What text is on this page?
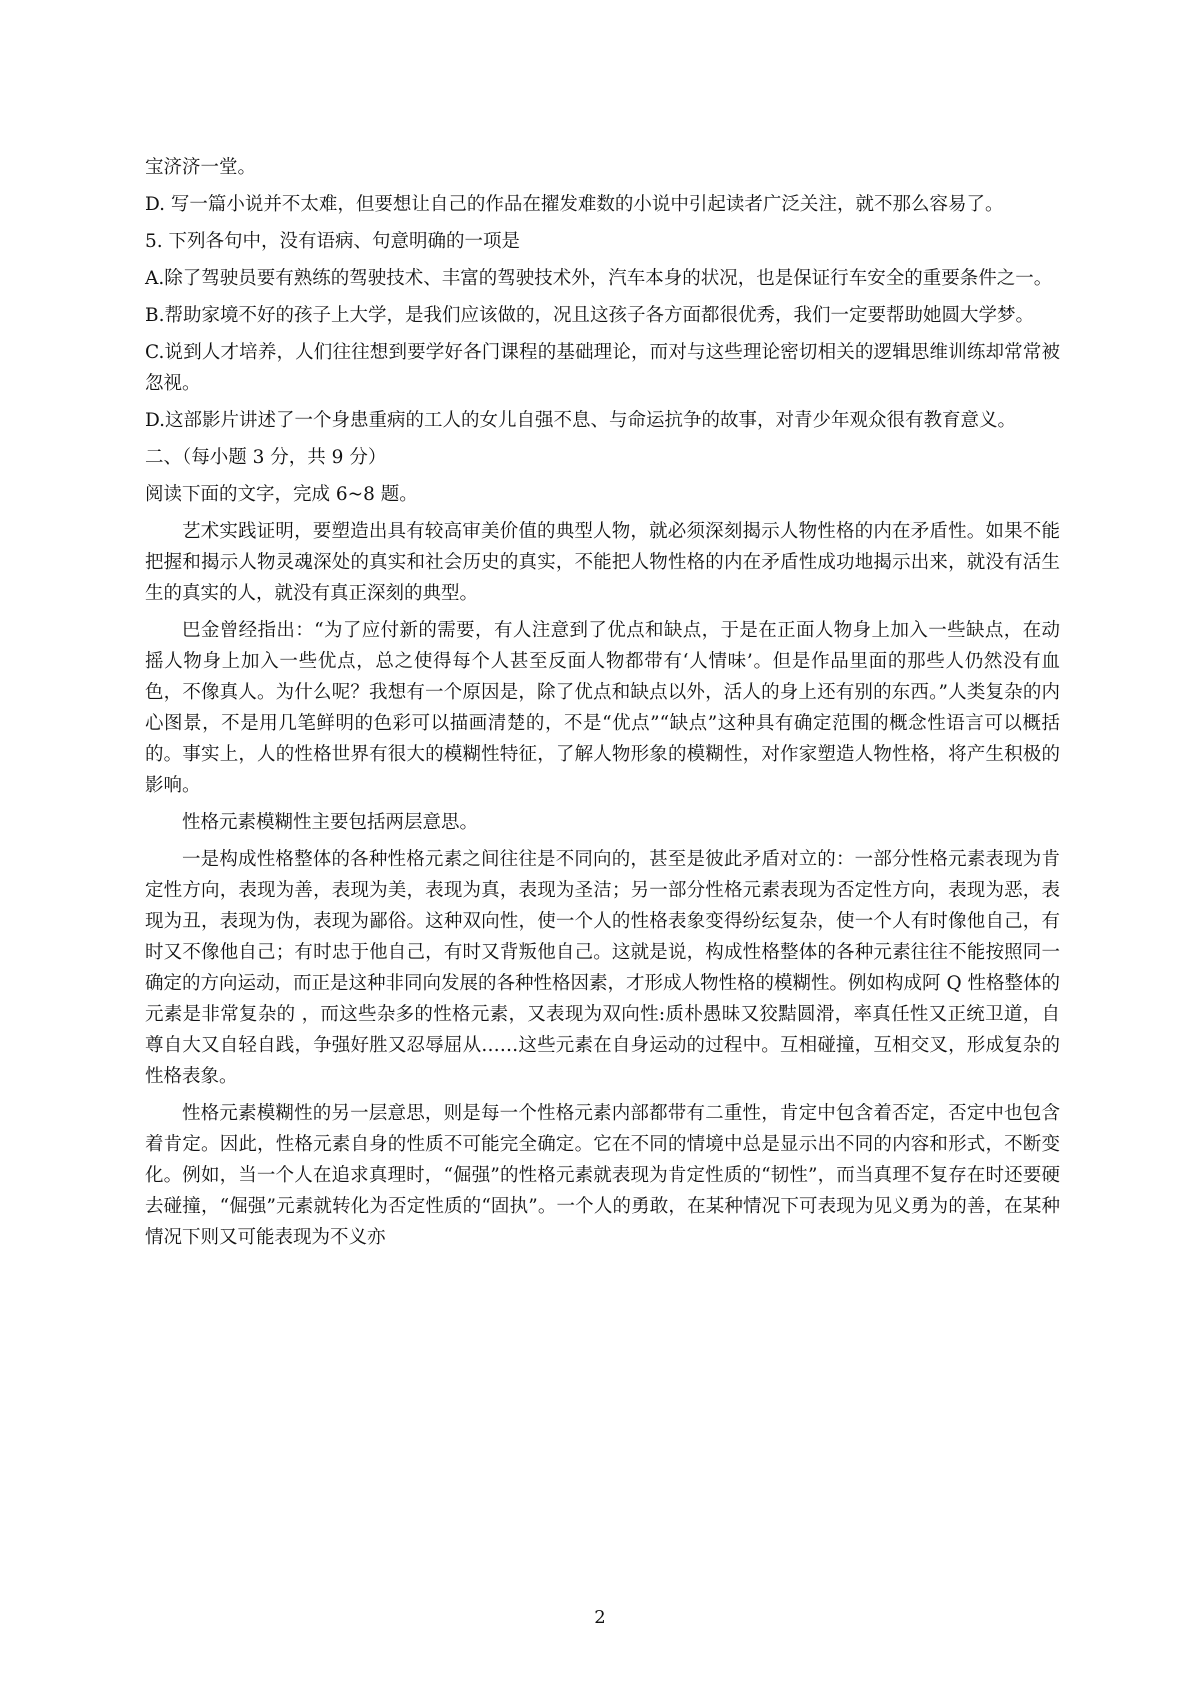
宝济济一堂。

D. 写一篇小说并不太难，但要想让自己的作品在擢发难数的小说中引起读者广泛关注，就不那么容易了。

5. 下列各句中，没有语病、句意明确的一项是

A.除了驾驶员要有熟练的驾驶技术、丰富的驾驶技术外，汽车本身的状况，也是保证行车安全的重要条件之一。

B.帮助家境不好的孩子上大学，是我们应该做的，况且这孩子各方面都很优秀，我们一定要帮助她圆大学梦。

C.说到人才培养，人们往往想到要学好各门课程的基础理论，而对与这些理论密切相关的逻辑思维训练却常常被忽视。

D.这部影片讲述了一个身患重病的工人的女儿自强不息、与命运抗争的故事，对青少年观众很有教育意义。

二、（每小题 3 分，共 9 分）

阅读下面的文字，完成 6~8 题。

艺术实践证明，要塑造出具有较高审美价值的典型人物，就必须深刻揭示人物性格的内在矛盾性。如果不能把握和揭示人物灵魂深处的真实和社会历史的真实，不能把人物性格的内在矛盾性成功地揭示出来，就没有活生生的真实的人，就没有真正深刻的典型。

巴金曾经指出：“为了应付新的需要，有人注意到了优点和缺点，于是在正面人物身上加入一些缺点，在动摇人物身上加入一些优点，总之使得每个人甚至反面人物都带有‘人情味’。但是作品里面的那些人仍然没有血色，不像真人。为什么呢？我想有一个原因是，除了优点和缺点以外，活人的身上还有别的东西。”人类复杂的内心图景，不是用几笔鲜明的色彩可以描画清楚的，不是“优点”“缺点”这种具有确定范围的概念性语言可以概括的。事实上，人的性格世界有很大的模糊性特征，了解人物形象的模糊性，对作家塑造人物性格，将产生积极的影响。

性格元素模糊性主要包括两层意思。

一是构成性格整体的各种性格元素之间往往是不同向的，甚至是彼此矛盾对立的：一部分性格元素表现为肯定性方向，表现为善，表现为美，表现为真，表现为圣洁；另一部分性格元素表现为否定性方向，表现为恶，表现为丑，表现为伪，表现为鄙俗。这种双向性，使一个人的性格表象变得纷纭复杂，使一个人有时像他自己，有时又不像他自己；有时忠于他自己，有时又背叛他自己。这就是说，构成性格整体的各种元素往往不能按照同一确定的方向运动，而正是这种非同向发展的各种性格因素，才形成人物性格的模糊性。例如构成阿 Q 性格整体的元素是非常复杂的 ，而这些杂多的性格元素，又表现为双向性:质朴愚昧又狡黠圆滑，率真任性又正统卫道，自尊自大又自轻自践，争强好胜又忍辱屈从……这些元素在自身运动的过程中。互相碰撞，互相交叉，形成复杂的性格表象。

性格元素模糊性的另一层意思，则是每一个性格元素内部都带有二重性，肯定中包含着否定，否定中也包含着肯定。因此，性格元素自身的性质不可能完全确定。它在不同的情境中总是显示出不同的内容和形式，不断变化。例如，当一个人在追求真理时，“倔强”的性格元素就表现为肯定性质的“韧性”，而当真理不复存在时还要硬去碰撞，“倔强”元素就转化为否定性质的“固执”。一个人的勇敢，在某种情况下可表现为见义勇为的善，在某种情况下则又可能表现为不义亦

2
